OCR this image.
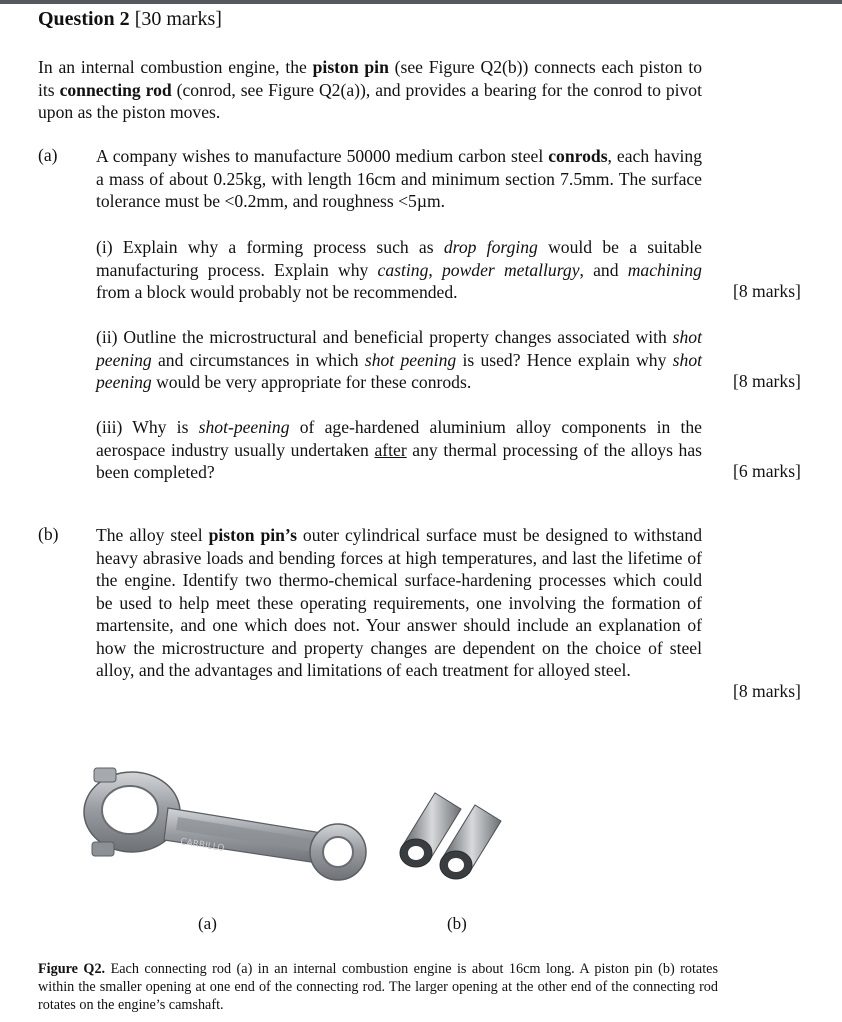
Question 2 [30 marks]
In an internal combustion engine, the piston pin (see Figure Q2(b)) connects each piston to its connecting rod (conrod, see Figure Q2(a)), and provides a bearing for the conrod to pivot upon as the piston moves.
(a) A company wishes to manufacture 50000 medium carbon steel conrods, each having a mass of about 0.25kg, with length 16cm and minimum section 7.5mm. The surface tolerance must be <0.2mm, and roughness <5µm.
(i) Explain why a forming process such as drop forging would be a suitable manufacturing process. Explain why casting, powder metallurgy, and machining from a block would probably not be recommended.	[8 marks]
(ii) Outline the microstructural and beneficial property changes associated with shot peening and circumstances in which shot peening is used? Hence explain why shot peening would be very appropriate for these conrods.	[8 marks]
(iii) Why is shot-peening of age-hardened aluminium alloy components in the aerospace industry usually undertaken after any thermal processing of the alloys has been completed?	[6 marks]
(b) The alloy steel piston pin’s outer cylindrical surface must be designed to withstand heavy abrasive loads and bending forces at high temperatures, and last the lifetime of the engine. Identify two thermo-chemical surface-hardening processes which could be used to help meet these operating requirements, one involving the formation of martensite, and one which does not. Your answer should include an explanation of how the microstructure and property changes are dependent on the choice of steel alloy, and the advantages and limitations of each treatment for alloyed steel.
[8 marks]
CARRILLO
(a)	(b)
Figure Q2. Each connecting rod (a) in an internal combustion engine is about 16cm long. A piston pin (b) rotates within the smaller opening at one end of the connecting rod. The larger opening at the other end of the connecting rod rotates on the engine’s camshaft.
